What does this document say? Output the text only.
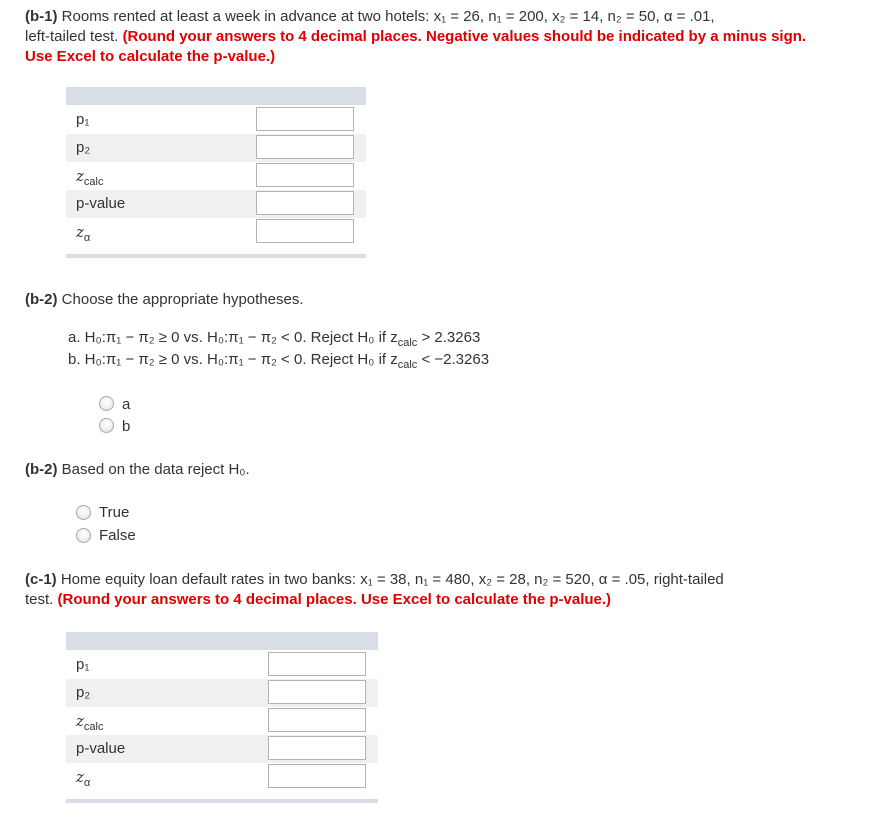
(b-1) Rooms rented at least a week in advance at two hotels: x₁ = 26, n₁ = 200, x₂ = 14, n₂ = 50, α = .01,
left-tailed test. (Round your answers to 4 decimal places. Negative values should be indicated by a minus sign. Use Excel to calculate the p-value.)
p₁
p₂
$z_{calc}$
p-value
$z_\alpha$
(b-2) Choose the appropriate hypotheses.
a. H₀:π₁ − π₂ ≥ 0 vs. H₀:π₁ − π₂ < 0. Reject H₀ if $z_{calc} > 2.3263$
b. H₀:π₁ − π₂ ≥ 0 vs. H₀:π₁ − π₂ < 0. Reject H₀ if $z_{calc} < -2.3263$
a
b
(b-2) Based on the data reject H₀.
True
False
(c-1) Home equity loan default rates in two banks: x₁ = 38, n₁ = 480, x₂ = 28, n₂ = 520, α = .05, right-tailed
test. (Round your answers to 4 decimal places. Use Excel to calculate the p-value.)
p₁
p₂
$z_{calc}$
p-value
$z_\alpha$
